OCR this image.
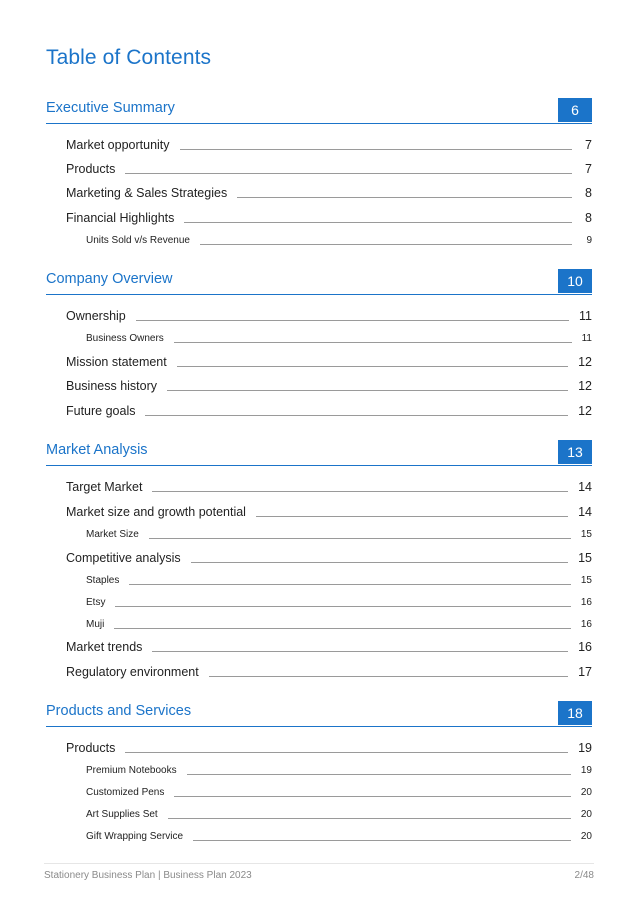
Table of Contents
Executive Summary	6
Market opportunity	7
Products	7
Marketing & Sales Strategies	8
Financial Highlights	8
Units Sold v/s Revenue	9
Company Overview	10
Ownership	11
Business Owners	11
Mission statement	12
Business history	12
Future goals	12
Market Analysis	13
Target Market	14
Market size and growth potential	14
Market Size	15
Competitive analysis	15
Staples	15
Etsy	16
Muji	16
Market trends	16
Regulatory environment	17
Products and Services	18
Products	19
Premium Notebooks	19
Customized Pens	20
Art Supplies Set	20
Gift Wrapping Service	20
Stationery Business Plan | Business Plan 2023	2/48
